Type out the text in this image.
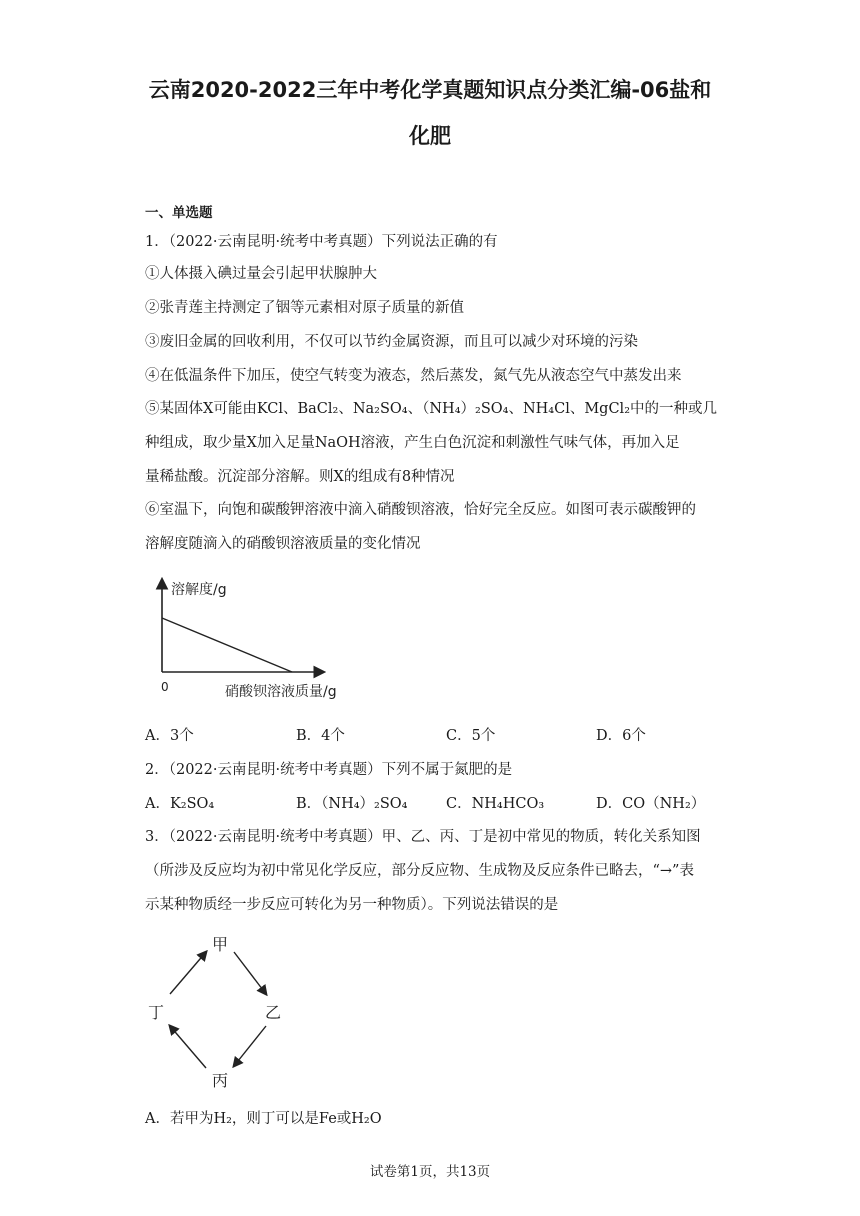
云南2020-2022三年中考化学真题知识点分类汇编-06盐和
化肥
一、单选题
1．（2022·云南昆明·统考中考真题）下列说法正确的有
①人体摄入碘过量会引起甲状腺肿大
②张青莲主持测定了铟等元素相对原子质量的新值
③废旧金属的回收利用，不仅可以节约金属资源，而且可以减少对环境的污染
④在低温条件下加压，使空气转变为液态，然后蒸发，氮气先从液态空气中蒸发出来
⑤某固体X可能由KCl、BaCl₂、Na₂SO₄、（NH₄）₂SO₄、NH₄Cl、MgCl₂中的一种或几
种组成，取少量X加入足量NaOH溶液，产生白色沉淀和刺激性气味气体，再加入足
量稀盐酸。沉淀部分溶解。则X的组成有8种情况
⑥室温下，向饱和碳酸钾溶液中滴入硝酸钡溶液，恰好完全反应。如图可表示碳酸钾的
溶解度随滴入的硝酸钡溶液质量的变化情况
溶解度/g
0	硝酸钡溶液质量/g
A．3个	B．4个	C．5个	D．6个
2．（2022·云南昆明·统考中考真题）下列不属于氮肥的是
A．K₂SO₄	B．（NH₄）₂SO₄	C．NH₄HCO₃	D．CO（NH₂）
3．（2022·云南昆明·统考中考真题）甲、乙、丙、丁是初中常见的物质，转化关系知图
（所涉及反应均为初中常见化学反应，部分反应物、生成物及反应条件已略去，“→”表
示某种物质经一步反应可转化为另一种物质）。下列说法错误的是
甲
乙
丙
丁
A．若甲为H₂，则丁可以是Fe或H₂O
试卷第1页，共13页
